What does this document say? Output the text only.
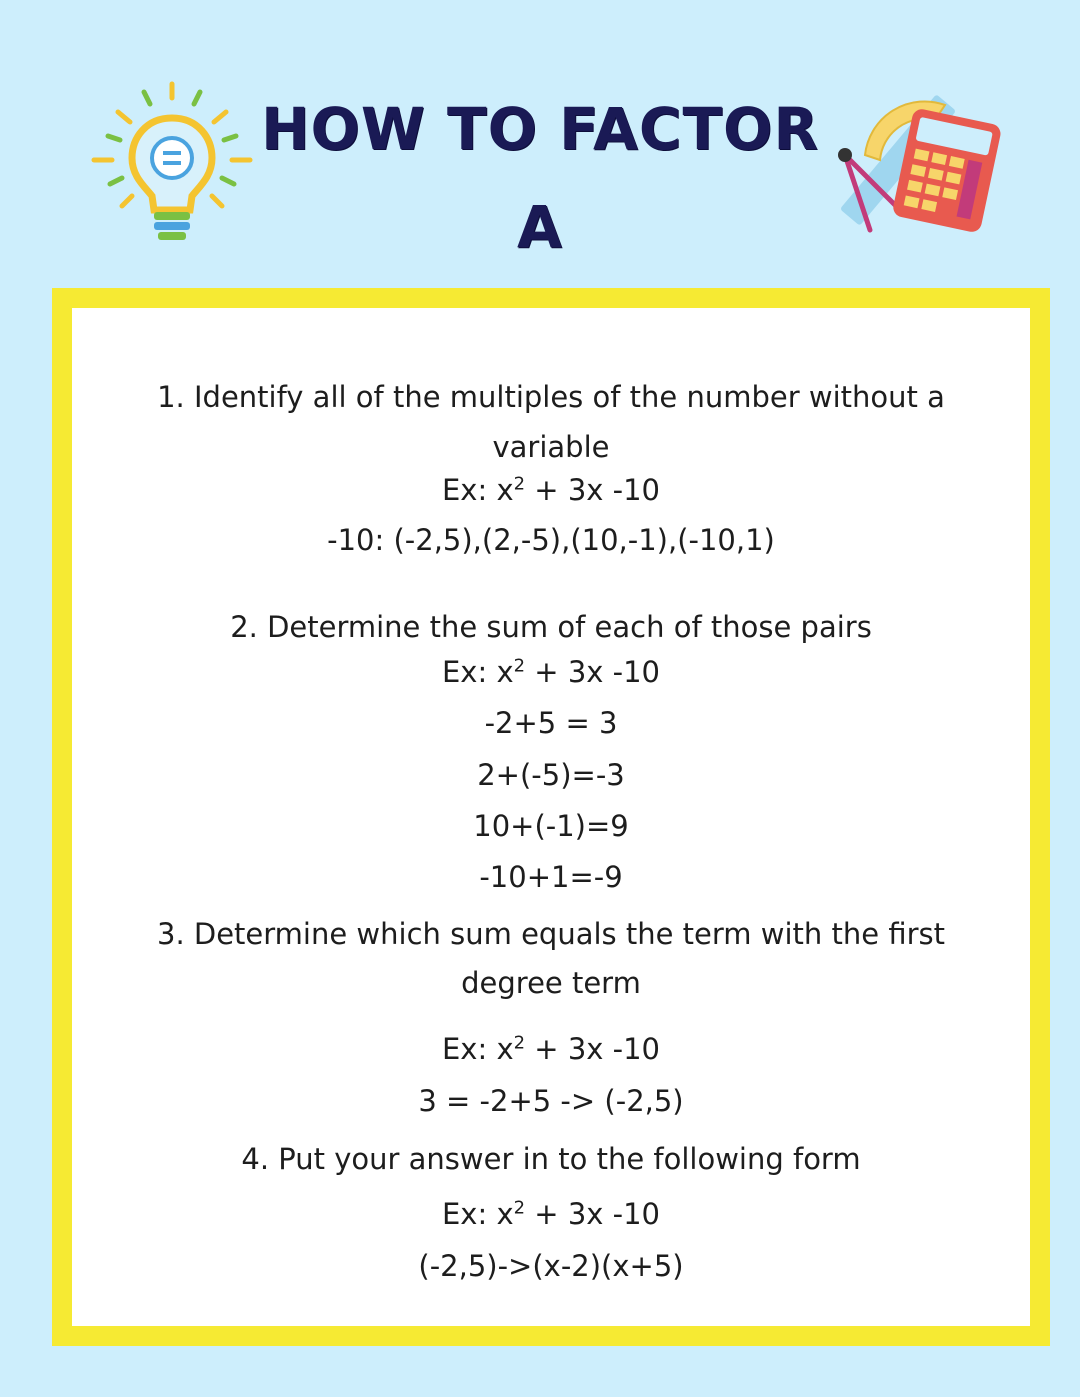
HOW TO FACTOR A
1. Identify all of the multiples of the number without a
variable
Ex: $x^2 + 3x$ -10
-10: (-2,5),(2,-5),(10,-1),(-10,1)
2. Determine the sum of each of those pairs
Ex: $x^2 + 3x$ -10
-2+5 = 3
2+(-5)=-3
10+(-1)=9
-10+1=-9
3. Determine which sum equals the term with the first
degree term
Ex: $x^2 + 3x$ -10
3 = -2+5 -> (-2,5)
4. Put your answer in to the following form
Ex: $x^2 + 3x$ -10
(-2,5)->(x-2)(x+5)
